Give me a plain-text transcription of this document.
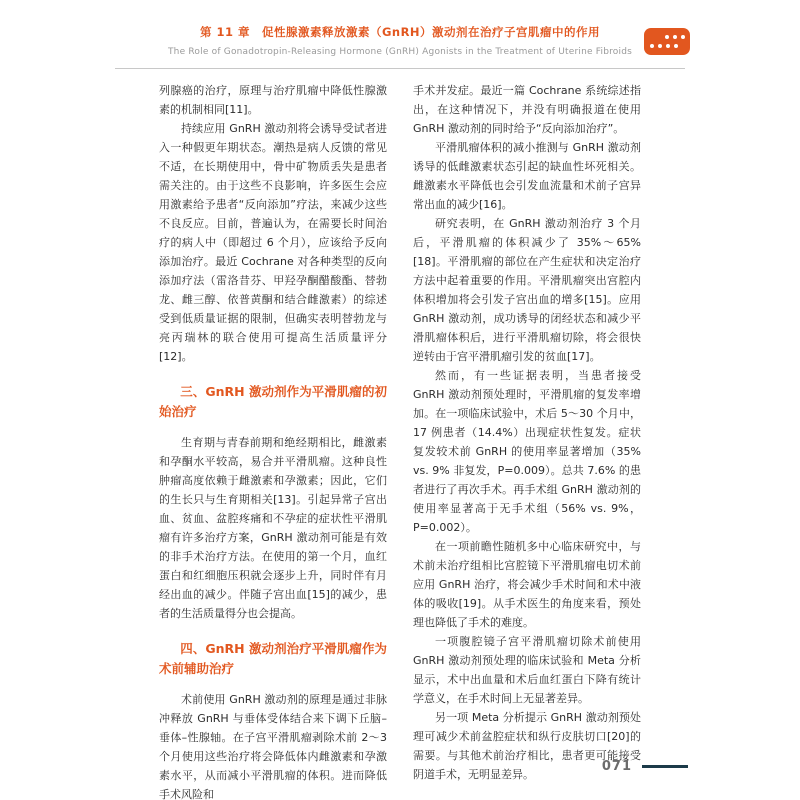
第 11 章　促性腺激素释放激素（GnRH）激动剂在治疗子宫肌瘤中的作用
The Role of Gonadotropin-Releasing Hormone (GnRH) Agonists in the Treatment of Uterine Fibroids

列腺癌的治疗，原理与治疗肌瘤中降低性腺激素的机制相同[11]。

持续应用 GnRH 激动剂将会诱导受试者进入一种假更年期状态。潮热是病人反馈的常见不适，在长期使用中，骨中矿物质丢失是患者需关注的。由于这些不良影响，许多医生会应用激素给予患者“反向添加”疗法，来减少这些不良反应。目前，普遍认为，在需要长时间治疗的病人中（即超过 6 个月），应该给予反向添加治疗。最近 Cochrane 对各种类型的反向添加疗法（雷洛昔芬、甲羟孕酮醋酸酯、替勃龙、雌三醇、依普黄酮和结合雌激素）的综述受到低质量证据的限制，但确实表明替勃龙与亮丙瑞林的联合使用可提高生活质量评分[12]。

三、GnRH 激动剂作为平滑肌瘤的初始治疗

生育期与青春前期和绝经期相比，雌激素和孕酮水平较高，易合并平滑肌瘤。这种良性肿瘤高度依赖于雌激素和孕激素；因此，它们的生长只与生育期相关[13]。引起异常子宫出血、贫血、盆腔疼痛和不孕症的症状性平滑肌瘤有许多治疗方案，GnRH 激动剂可能是有效的非手术治疗方法。在使用的第一个月，血红蛋白和红细胞压积就会逐步上升，同时伴有月经出血的减少。伴随子宫出血[15]的减少，患者的生活质量得分也会提高。

四、GnRH 激动剂治疗平滑肌瘤作为术前辅助治疗

术前使用 GnRH 激动剂的原理是通过非脉冲释放 GnRH 与垂体受体结合来下调下丘脑–垂体–性腺轴。在子宫平滑肌瘤剥除术前 2～3 个月使用这些治疗将会降低体内雌激素和孕激素水平，从而减小平滑肌瘤的体积。进而降低手术风险和

手术并发症。最近一篇 Cochrane 系统综述指出，在这种情况下，并没有明确报道在使用 GnRH 激动剂的同时给予“反向添加治疗”。

平滑肌瘤体积的减小推测与 GnRH 激动剂诱导的低雌激素状态引起的缺血性坏死相关。雌激素水平降低也会引发血流量和术前子宫异常出血的减少[16]。

研究表明，在 GnRH 激动剂治疗 3 个月后，平滑肌瘤的体积减少了 35%～65%[18]。平滑肌瘤的部位在产生症状和决定治疗方法中起着重要的作用。平滑肌瘤突出宫腔内体积增加将会引发子宫出血的增多[15]。应用 GnRH 激动剂，成功诱导的闭经状态和减少平滑肌瘤体积后，进行平滑肌瘤切除，将会很快逆转由于宫平滑肌瘤引发的贫血[17]。

然而，有一些证据表明，当患者接受 GnRH 激动剂预处理时，平滑肌瘤的复发率增加。在一项临床试验中，术后 5～30 个月中，17 例患者（14.4%）出现症状性复发。症状复发较术前 GnRH 的使用率显著增加（35% vs. 9% 非复发，P=0.009）。总共 7.6% 的患者进行了再次手术。再手术组 GnRH 激动剂的使用率显著高于无手术组（56% vs. 9%，P=0.002）。

在一项前瞻性随机多中心临床研究中，与术前未治疗组相比宫腔镜下平滑肌瘤电切术前应用 GnRH 治疗，将会减少手术时间和术中液体的吸收[19]。从手术医生的角度来看，预处理也降低了手术的难度。

一项腹腔镜子宫平滑肌瘤切除术前使用 GnRH 激动剂预处理的临床试验和 Meta 分析显示，术中出血量和术后血红蛋白下降有统计学意义，在手术时间上无显著差异。

另一项 Meta 分析提示 GnRH 激动剂预处理可减少术前盆腔症状和纵行皮肤切口[20]的需要。与其他术前治疗相比，患者更可能接受阴道手术，无明显差异。

071
